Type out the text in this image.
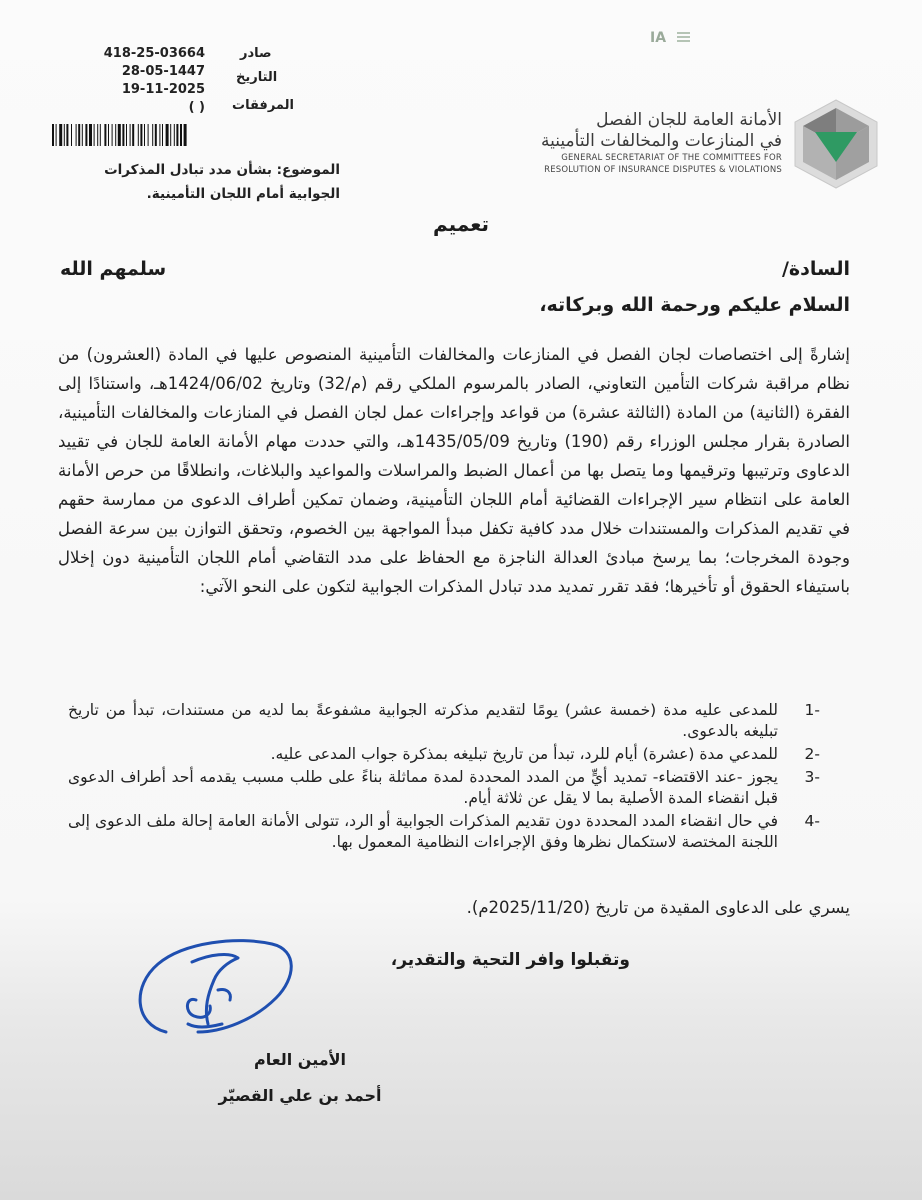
418-25-03664	صادر
28-05-1447 التاريخ
19-11-2025
( ) المرفقات
الموضوع: بشأن مدد تبادل المذكرات
الجوابية أمام اللجان التأمينية.
IA
الأمانة العامة للجان الفصل
في المنازعات والمخالفات التأمينية
GENERAL SECRETARIAT OF THE COMMITTEES FOR
RESOLUTION OF INSURANCE DISPUTES & VIOLATIONS
تعميم
السادة/
سلمهم الله
السلام عليكم ورحمة الله وبركاته،
إشارةً إلى اختصاصات لجان الفصل في المنازعات والمخالفات التأمينية المنصوص عليها في المادة (العشرون) من نظام مراقبة شركات التأمين التعاوني، الصادر بالمرسوم الملكي رقم (م/32) وتاريخ 1424/06/02هـ، واستنادًا إلى الفقرة (الثانية) من المادة (الثالثة عشرة) من قواعد وإجراءات عمل لجان الفصل في المنازعات والمخالفات التأمينية، الصادرة بقرار مجلس الوزراء رقم (190) وتاريخ 1435/05/09هـ، والتي حددت مهام الأمانة العامة للجان في تقييد الدعاوى وترتيبها وترقيمها وما يتصل بها من أعمال الضبط والمراسلات والمواعيد والبلاغات، وانطلاقًا من حرص الأمانة العامة على انتظام سير الإجراءات القضائية أمام اللجان التأمينية، وضمان تمكين أطراف الدعوى من ممارسة حقهم في تقديم المذكرات والمستندات خلال مدد كافية تكفل مبدأ المواجهة بين الخصوم، وتحقق التوازن بين سرعة الفصل وجودة المخرجات؛ بما يرسخ مبادئ العدالة الناجزة مع الحفاظ على مدد التقاضي أمام اللجان التأمينية دون إخلال باستيفاء الحقوق أو تأخيرها؛ فقد تقرر تمديد مدد تبادل المذكرات الجوابية لتكون على النحو الآتي:
-1
للمدعى عليه مدة (خمسة عشر) يومًا لتقديم مذكرته الجوابية مشفوعةً بما لديه من مستندات، تبدأ من تاريخ تبليغه بالدعوى.
-2
للمدعي مدة (عشرة) أيام للرد، تبدأ من تاريخ تبليغه بمذكرة جواب المدعى عليه.
-3
يجوز -عند الاقتضاء- تمديد أيٍّ من المدد المحددة لمدة مماثلة بناءً على طلب مسبب يقدمه أحد أطراف الدعوى قبل انقضاء المدة الأصلية بما لا يقل عن ثلاثة أيام.
-4
في حال انقضاء المدد المحددة دون تقديم المذكرات الجوابية أو الرد، تتولى الأمانة العامة إحالة ملف الدعوى إلى اللجنة المختصة لاستكمال نظرها وفق الإجراءات النظامية المعمول بها.
يسري على الدعاوى المقيدة من تاريخ (2025/11/20م).
وتقبلوا وافر التحية والتقدير،
الأمين العام
أحمد بن علي القصيّر
